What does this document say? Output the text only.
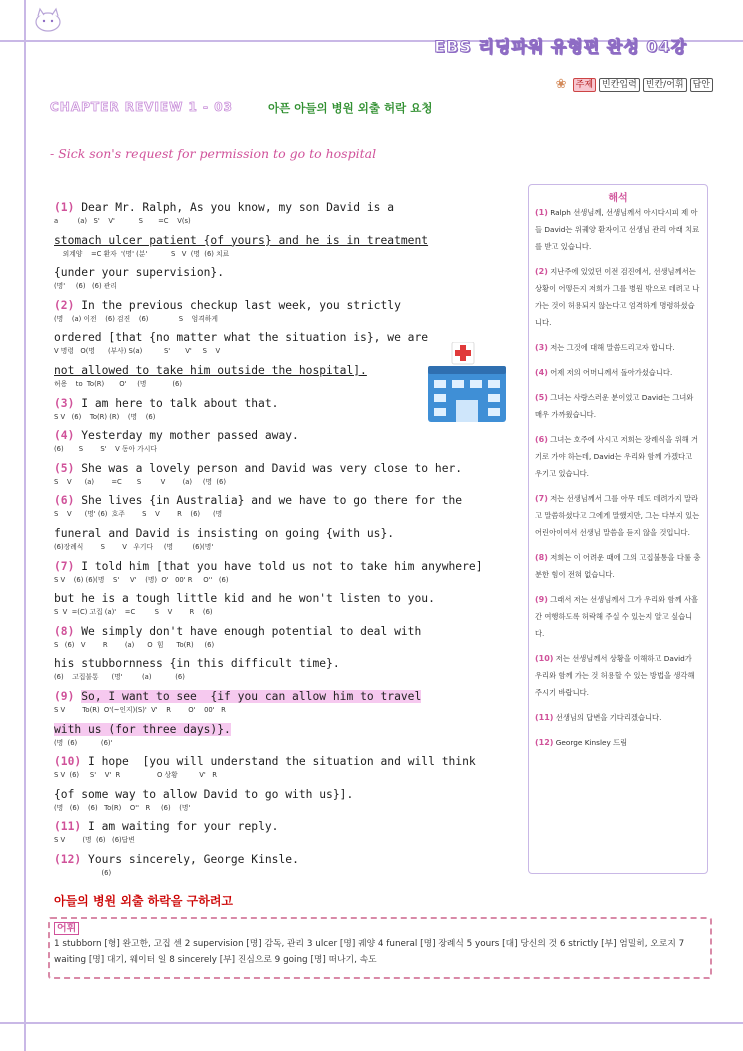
EBS 리딩파워 유형편 완성 04강
❀	주제	빈칸입력	빈칸/어휘	답안
CHAPTER REVIEW 1 - 03	아픈 아들의 병원 외출 허락 요청
- Sick son's request for permission to go to hospital
(1) Dear Mr. Ralph, As you know, my son David is a
a         (a)   S'    V'           S       =C    V(s)
stomach ulcer patient {of yours} and he is in treatment
외계양    =C 환자  '(명' (분'           S   V  (명  (6) 치료
{under your supervision}.
(명'     (6)   (6) 관리
(2) In the previous checkup last week, you strictly
(명    (a) 이전    (6) 검진    (6)              S    엄격하게
ordered [that {no matter what the situation is}, we are
V 명령   O(명      (부사) S(a)          S'       V'     S    V
not allowed to take him outside the hospital].
허용    to  To(R)       O'     (명            (6)
(3) I am here to talk about that.
S V   (6)    To(R) (R)    (명    (6)
(4) Yesterday my mother passed away.
(6)       S        S'    V 동아 가시다
(5) She was a lovely person and David was very close to her.
S    V      (a)        =C       S         V        (a)     (명  (6)
(6) She lives {in Australia} and we have to go there for the
S    V      (명' (6)  호주        S    V        R    (6)      (명
funeral and David is insisting on going {with us}.
(6)장례식        S        V   우기다     (명         (6)(명'
(7) I told him [that you have told us not to take him anywhere]
S V    (6) (6)(명    S'     V'    (명)  O'   00' R     O''   (6)
but he is a tough little kid and he won't listen to you.
S  V  =(C) 고집 (a)'    =C         S    V        R    (6)
(8) We simply don't have enough potential to deal with
S   (6)   V        R        (a)      O  힘      To(R)     (6)
his stubbornness {in this difficult time}.
(6)    고집불통      (명'         (a)           (6)
(9) So, I want to see  {if you can allow him to travel
S V        To(R)  O'(~인지)(S)'  V'    R        O'    00'   R
with us (for three days)}.
(명  (6)           (6)'
(10) I hope  [you will understand the situation and will think
S V  (6)     S'    V'  R                 O 상황          V'   R
{of some way to allow David to go with us}].
(명   (6)    (6)   To(R)    O''   R     (6)    (명'
(11) I am waiting for your reply.
S V        (명  (6)   (6)답변
(12) Yours sincerely, George Kinsle.
(6)
해석
(1) Ralph 선생님께, 선생님께서 아시다시피 제 아들 David는 위궤양 환자이고 선생님 관리 아래 치료를 받고 있습니다.
(2) 지난주에 있었던 이전 검진에서, 선생님께서는 상황이 어떻든지 저희가 그를 병원 밖으로 데려고 나가는 것이 허용되지 않는다고 엄격하게 명령하셨습니다.
(3) 저는 그것에 대해 말씀드리고자 합니다.
(4) 어제 저의 어머니께서 돌아가셨습니다.
(5) 그녀는 사랑스러운 분이었고 David는 그녀와 매우 가까웠습니다.
(6) 그녀는 호주에 사시고 저희는 장례식을 위해 거기로 가야 하는데, David는 우리와 함께 가겠다고 우기고 있습니다.
(7) 저는 선생님께서 그를 아무 데도 데려가지 말라고 말씀하셨다고 그에게 말했지만, 그는 다부지 있는 어린아이여서 선생님 말씀을 듣지 않을 것입니다.
(8) 저희는 이 어려운 때에 그의 고집불통을 다룰 충분한 힘이 전혀 없습니다.
(9) 그래서 저는 선생님께서 그가 우리와 함께 사흘간 여행하도록 허락해 주실 수 있는지 알고 싶습니다.
(10) 저는 선생님께서 상황을 이해하고 David가 우리와 함께 가는 것 허용할 수 있는 방법을 생각해 주시기 바랍니다.
(11) 선생님의 답변을 기다리겠습니다.
(12) George Kinsley 드림
아들의 병원 외출 하락을 구하려고
어휘
1 stubborn [형] 완고한, 고집 센 2 supervision [명] 감독, 관리 3 ulcer [명] 궤양 4 funeral [명] 장례식 5 yours [대] 당신의 것 6 strictly [부] 엄밀히, 오로지 7 waiting [명] 대기, 웨이터 일 8 sincerely [부] 진심으로 9 going [명] 떠나기, 속도
